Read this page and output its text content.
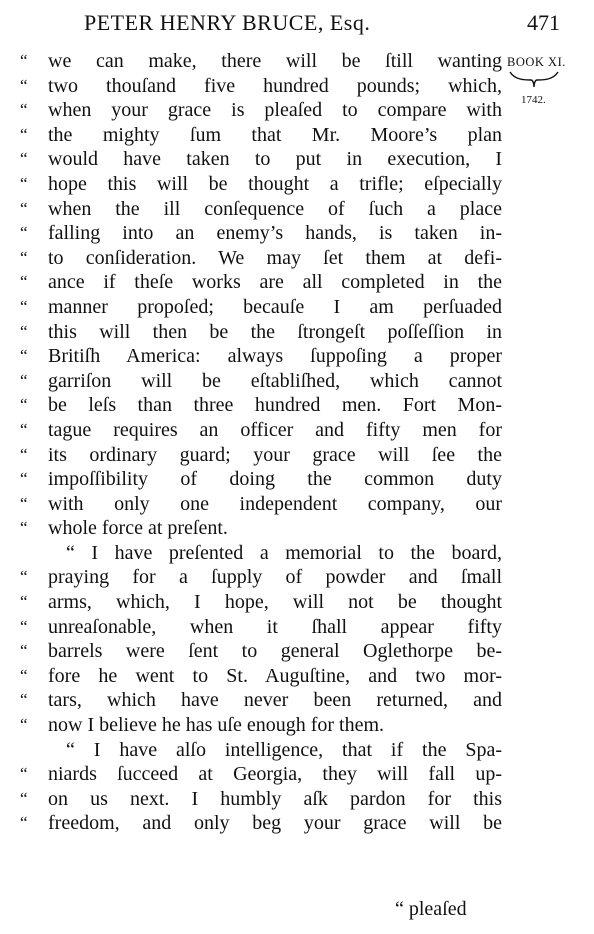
PETER HENRY BRUCE, Esq.	471
BOOK XI.
1742.
“	we can make, there will be ſtill wanting
“	two thouſand five hundred pounds; which,
“	when your grace is pleaſed to compare with
“	the mighty ſum that Mr. Moore’s plan
“	would have taken to put in execution, I
“	hope this will be thought a trifle; eſpecially
“	when the ill conſequence of ſuch a place
“	falling into an enemy’s hands, is taken in-
“	to conſideration. We may ſet them at defi-
“	ance if theſe works are all completed in the
“	manner propoſed; becauſe I am perſuaded
“	this will then be the ſtrongeſt poſſeſſion in
“	Britiſh America: always ſuppoſing a proper
“	garriſon will be eſtabliſhed, which cannot
“	be leſs than three hundred men. Fort Mon-
“	tague requires an officer and fifty men for
“	its ordinary guard; your grace will ſee the
“	impoſſibility of doing the common duty
“	with only one independent company, our
“	whole force at preſent.
“ I have preſented a memorial to the board,
“	praying for a ſupply of powder and ſmall
“	arms, which, I hope, will not be thought
“	unreaſonable, when it ſhall appear fifty
“	barrels were ſent to general Oglethorpe be-
“	fore he went to St. Auguſtine, and two mor-
“	tars, which have never been returned, and
“	now I believe he has uſe enough for them.
“ I have alſo intelligence, that if the Spa-
“	niards ſucceed at Georgia, they will fall up-
“	on us next. I humbly aſk pardon for this
“	freedom, and only beg your grace will be
“ pleaſed
